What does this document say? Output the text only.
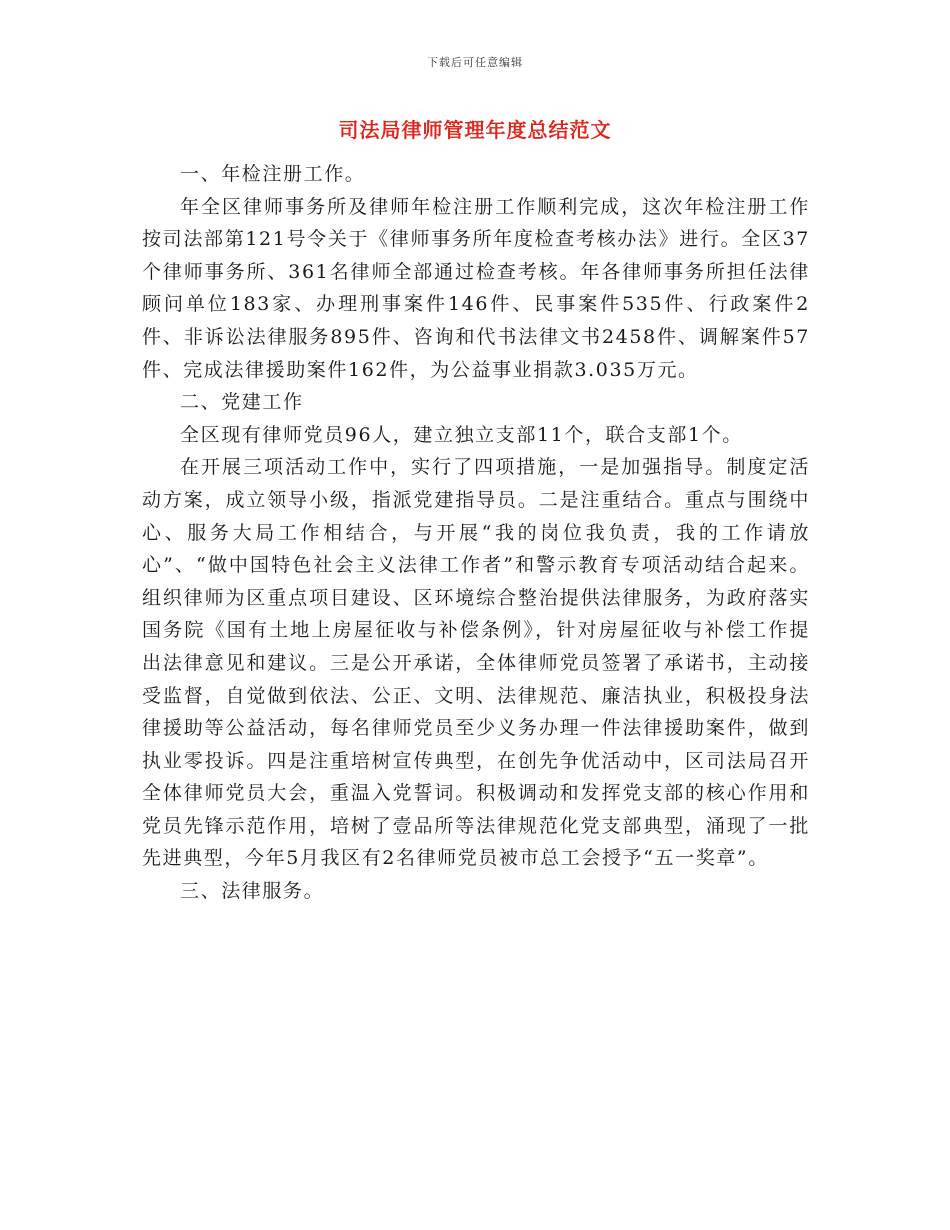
下载后可任意编辑
司法局律师管理年度总结范文

一、年检注册工作。

年全区律师事务所及律师年检注册工作顺利完成，这次年检注册工作按司法部第121号令关于《律师事务所年度检查考核办法》进行。全区37个律师事务所、361名律师全部通过检查考核。年各律师事务所担任法律顾问单位183家、办理刑事案件146件、民事案件535件、行政案件2件、非诉讼法律服务895件、咨询和代书法律文书2458件、调解案件57件、完成法律援助案件162件，为公益事业捐款3.035万元。

二、党建工作

全区现有律师党员96人，建立独立支部11个，联合支部1个。

在开展三项活动工作中，实行了四项措施，一是加强指导。制度定活动方案，成立领导小级，指派党建指导员。二是注重结合。重点与围绕中心、服务大局工作相结合，与开展“我的岗位我负责，我的工作请放心”、“做中国特色社会主义法律工作者”和警示教育专项活动结合起来。组织律师为区重点项目建设、区环境综合整治提供法律服务，为政府落实国务院《国有土地上房屋征收与补偿条例》，针对房屋征收与补偿工作提出法律意见和建议。三是公开承诺，全体律师党员签署了承诺书，主动接受监督，自觉做到依法、公正、文明、法律规范、廉洁执业，积极投身法律援助等公益活动，每名律师党员至少义务办理一件法律援助案件，做到执业零投诉。四是注重培树宣传典型，在创先争优活动中，区司法局召开全体律师党员大会，重温入党誓词。积极调动和发挥党支部的核心作用和党员先锋示范作用，培树了壹品所等法律规范化党支部典型，涌现了一批先进典型，今年5月我区有2名律师党员被市总工会授予“五一奖章”。

三、法律服务。
